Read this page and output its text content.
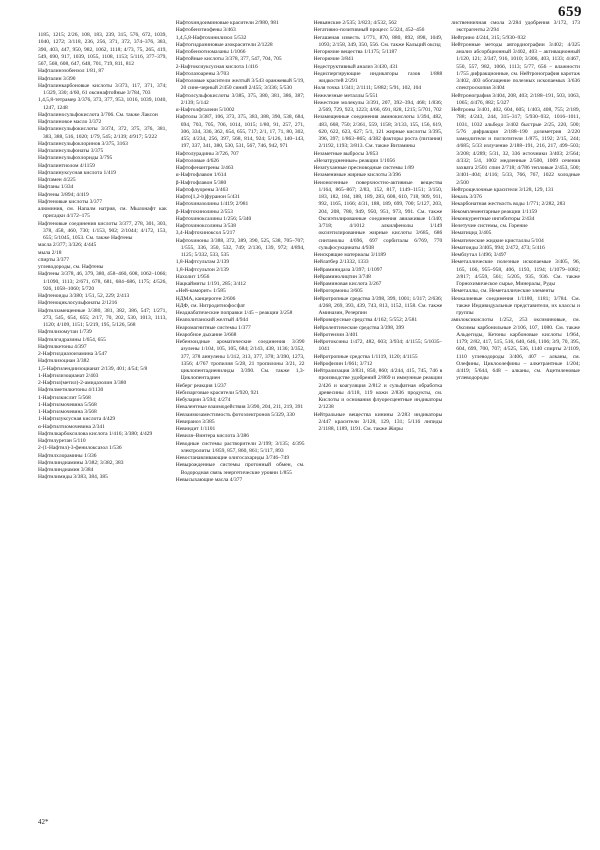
659

1185, 1215; 2/26, 108, 183, 239, 315, 576, 672, 1039, 1040, 1272; 3/118, 236, 256, 371, 372, 374–376, 383, 390, 403, 447, 950, 982, 1062, 1118; 4/73, 75, 265, 419, 549, 690, 917, 1039, 1055, 1108, 1153; 5/116, 377–379, 567, 568, 608, 647, 648, 701, 719, 811, 812

Нафталинэзобензол 1/81, 87

Нафталин 3/390

Нафталинкарбоновые кислоты 3/373, 117, 371, 374; 1/329, 330; 4/60, 61 оксинафтойные 3/784, 703

1,4,5,8-тетрамер 3/376, 373, 377, 953, 1016, 1039, 1040, 1247, 1248

Нафталиносульфокислота 3/706. См. также Лаксон

Нафталиновое масло 3/372

Нафталинсульфокислоты 3/374, 372, 375, 376, 381, 383, 388, 516, 1020; 1/79, 545; 2/139; 4/917; 5/222

Нафталинсульфоклоринов 3/375, 3163

Нафталинсульфонаты 3/375

Нафталинсульфохлориды 3/795

Нафталинтиолом 4/1159

Нафталинуксусная кислота 1/419

Нафтамен 4/225

Нафтаны 1/334

Нафтены 3/894; 4/419

Нафтеновые кислоты 3/377

алюминия, см. Напалм натрия, см. Мылонафт как присадки 4/172–175

Нафтеновые соединения кислоты 3/377, 278, 301, 303, 378, 458, 460, 730; 1/153, 902; 2/1044; 4/172, 153, 655; 5/1045, 1053. См. также Нафтены

масла 2/377; 3/326; 4/445

мыла 2/18

спирты 3/377

углеводороды, см. Нафтены

Нафтены 3/378, 46, 379, 380, 458–460, 608, 1062–1066; 1/1090, 1113; 2/671, 678, 681, 684–686, 1175; 4/526, 926, 1058–1060; 5/720

Нафтеноиды 3/380; 1/51, 52, 229; 2/413

Нафтеноциклосульфонаты 2/1216

Нафтилзамещенные 3/380, 381, 382, 386, 547; 1/271, 273, 545, 654, 655; 2/17, 70, 202, 530, 1013, 1113, 1120; 4/109, 1151; 5/219, 195, 5/126, 568

Нафтилизомутан 1/739

Нафтилгидразины 1/654, 655

Нафтилкетоны 4/397

2-Нафтилдиазоизамина 3/547

Нафтилизоциан 3/382

1,5-Нафтилендиизоцианат 2/139, 401; 4/54; 5/8

1-Нафтилизоцианат 2/403

2-Нафтил(метил)-2-амидазолин 3/380

Нафтилметилкетоны 4/1130

1-Нафтилкислит 5/568

1-Нафтилмочевина 5/568

1-Нафтилмочевина 3/568

1-Нафтилуксусная кислота 4/429

α-Нафтилтиомочевина 2/341

Нафтилкарбоксилова кислота 1/416; 3/380; 4/429

Нафтилуретан 5/110

2-(1-Нафтил)-3-фенилоксазол 1/536

Нафтилхлорамины 1/336

Нафтилиндиамины 3/382; 3/382, 383

Нафтилиндиамин 3/384

Нафтилимиды 3/383, 384, 385

Нафтохиндоиминовые красители 2/980, 981

Нафтобензтиофены 3/463

1,4,5,8-Нафтохинилизол 5/532

Нафтогидразиновые азокрасители 2/1228

Нафтобензотиомазаны 1/1066

Нафтойные кислоты 3/378, 377, 547, 704, 705

2-Нафтоксиуксусная кислота 1/416

Нафтолазоарены 3/703

Нафтоловые красители желтый 3/543 оранжевый 5/19, 20 сине-черный 2/450 синий 2/455; 3/336; 5/530

Нафтолсульфокислоты 3/385, 375, 380, 381, 386, 387; 2/139; 5/142

α-Нафтолфталеин 5/1002

Нафтолы 3/387, 106, 373, 375, 383, 388, 390, 538, 684, 694, 703, 705, 706, 1014, 1015; 1/80, 91, 257, 271, 306, 334, 336, 362, 654, 655, 717; 2/1, 17, 71, 80, 302, 455; 4/234, 256, 397, 568, 814, 924; 5/126, 140–143, 197, 337, 341, 380, 530, 531, 567, 746, 942, 971

Нафтолурадины 3/726, 707

Нафтоловые 4/626

Нафтофенантрены 3/463

α-Нафтофлавон 1/614

β-Нафтофлавон 5/380

Нафтофлуорены 3/463

Нафто[1,2-b]фуранон 5/431

Нафтохиназолины 1/419; 2/981

β-Нафтохинолины 2/553

Нафтохиноксалины 1/256; 5/340

Нафтохиноксолины 3/538

3,4-Нафтохиноксол 5/217

Нафтохиноны 3/388, 372, 389, 390, 525, 538, 705–707; 1/555, 336, 350, 532, 749; 2/136, 139, 972; 4/894, 1125; 5/332, 533, 535

1,8-Нафтсультам 2/139

1,8-Нафтсультон 2/139

Нахолит 1/956

Нацкаймиты 1/191, 285; 3/412

«Ней-каморит» 1/585

НДМА, канцероген 2/606

НДФ, см. Нитродитиофосфат

Неадиабатические поправки 1/45 – реакции 3/258

Неаполитанский желтый 4/944

Неаромагнитные системы 1/377

Неаробное дыхание 3/668

Небензоидные ароматические соединения 3/390 азулены 1/104, 105, 105, 684; 2/143, 438, 1136; 3/352, 377, 378 аннулены 1/312, 313, 377, 378; 3/390, 1273, 1356; 4/767 тропилия 5/28, 21 тропилоны 3/21, 22 циклопентадиенилиды 3/390. См. также 1,3-Циклопентадиен

Неберг реакция 1/237

Небизарговые красители 5/920, 921

Небуларин 3/594; 4/274

Невалентные взаимодействия 3/390, 204, 211, 219, 391

Невзаимозаместимость фотоэлектронов 5/329, 330

Невираиоз 3/385

Невиндит 1/1101

Невиля–Винтера кислота 3/386

Неводные системы растворители 2/199; 3/135; 4/395 электролиты 1/859, 857, 860, 861; 5/117, 893

Невостанавливающие олигосахариды 3/746–749

Невырожденные системы протонный обмен, см. Водородная связь энергетические уровни 1/855

Невысыхающие масла 4/377

Невьянские 2/535; 3/823; 4/532, 562

Негативно-позитивный процесс 5/324, 452–456

Негашеная известь 1/771, 870, 880, 892, 898, 1049, 1093; 2/158, 349, 350, 556. См. также Кальций оксид

Негорючие вещества 1/1175; 5/1187

Негорючие 3/841

Недеструктивный анализ 3/430, 431

Недиспергирующие индикаторы газов 1/888 жидкостей 2/291

Ноля точка 1/341; 2/1111; 5/882; 5/91, 102, 104

Нежелезные металлы 5/551

Нежесткие молекулы 3/391, 207, 392–394, 468; 1/836; 2/569, 729, 923, 1223; 4/66, 691, 828, 1215; 5/701, 702

Незамещенные соединения аминокислоты 1/394, 482, 483, 668, 750; 2/361, 559, 1158; 3/133, 155, 156, 619, 620, 622, 623, 627; 5/1, 121 жирные кислоты 3/395, 396, 397; 1/863–865; 4/382 факторы роста (питания) 2/1192, 1193; 3/813. См. также Витамины

Незаметные выбросы 3/853

«Незатрудненные» реакции 1/1056

Незатуханные пресноводные системы 1/89

Незаменимые жирные кислоты 3/396

Неионогенные поверхностно-активные вещества 1/164, 865–867; 2/83, 152, 817, 1149–1151; 3/150, 183, 182, 184, 188, 189, 283, 608, 610, 718, 909, 911, 992, 1165, 1166; 4/31, 188, 189, 699, 700; 5/127, 203, 204, 208, 780, 949, 950, 951, 973, 991. См. также Оксиэтилированные соединения авиаживые 1/340; 3/718; 4/1012 алкилфенолы 1/149 оксиэтилированные жирные кислоты 3/685, 686 синтанолы 4/696, 697 сорбиталы 6/769, 770 сульфосукцинаты 4/938

Неискрящие материалы 3/1189

Нейлатбер 2/1332, 1333

Нейраминидаза 3/397; 1/1097

Нейраминолицтин 3/748

Нейраминовая кислота 3/267

Нейрогормоны 3/605

Нейротропные средства 3/398, 399, 1001; 1/317; 2/636; 4/268, 269, 393, 439, 743, 813, 1152, 1158. См. также Аминазин, Резерпин

Нейровирусные средства 4/162; 5/552; 2/581

Нейролептические средства 3/398, 399

Нейротензин 3/401

Нейротоксины 1/472, 482, 603; 3/934; 4/1155; 5/1035–1041

Нейротропные средства 1/1119, 1120; 4/1155

Нейрофизин 1/661; 3/712

Нейтрализация 3/831, 850, 860; 4/244, 415, 745, 746 в производстве удобрений 2/869 и иммунные реакции 2/426 и коагуляция 2/812 и сульфатная обработка древесины 4/118, 119 кожи 2/836 продукты, см. Кислоты и основания флуоресцентные индикаторы 2/1238

Нейтральные вещества кинины 2/283 индикаторы 2/447 красители 3/128, 129, 131; 5/116 липиды 2/1188, 1189, 1191. См. также Жиры

лиственничная смола 2/284 удобрения 3/172, 173 экстрагенты 2/294

Нейтрино 4/244, 315; 5/930–932

Нейтронные методы автордиографии 3/402; 4/325 анализ абсорбционный 3/402, 403 – активационный 1/120, 121; 2/347, 916, 1010; 3/306, 403, 1133; 4/467, 550, 557, 982, 1066, 1113; 5/77, 656 – влажности 1/755 дифракционные, см. Нейтронография каротаж 3/402, 403 обогащение полезных ископаемых 3/636 спектроскопия 3/404

Нейтронография 3/404, 208, 403; 2/188–191, 503, 1063, 1065; 4/476, 882; 5/327

Нейтроны 3/401, 402, 604, 605; 1/403, 408, 755; 2/189, 788; 4/243, 244, 315–317; 5/930–932, 1016–1011, 1031, 1032 альбедо 3/402 быстрые 2/25, 220, 500; 5/76 дифракция 2/188–190 дозиметрия 2/220 замедлители и поглотители 1/875, 1192; 2/15, 244; 4/685; 5/33 излучение 2/188–191, 216, 217, 499–503; 3/208; 4/289; 5/31, 32, 336 источники 3/403; 2/564; 4/332; 5/4, 1002 медленные 2/500, 1009 сечения захвата 2/501 спин 2/718; 4/786 тепловые 2/453, 500; 3/401–404; 4/116; 5/33, 766, 767, 1022 холодные 2/500

Нейтрощелочные красители 3/128, 129, 131

Некаль 3/376

Некарбонатная жесткость воды 1/771; 2/282, 283

Некомплементарные реакции 1/1159

Неконкурентные ингибиторы 2/434

Нелетучие системы, см. Горение

Нематицид 3/405

Нематические жидкие кристаллы 5/104

Нематоиды 3/405, 994; 2/472, 473; 5/416

Немблутал 1/496; 3/497

Неметаллические полезные ископаемые 3/405, 96, 165, 166, 955–958, 406, 1193, 1194; 1/1079–1082; 2/817; 4/559, 561; 5/205, 935, 936. См. также Горнохимическое сырье, Минералы, Руды

Неметаллы, см. Неметаллические элементы

Неокалиевые соединения 1/1180, 1181; 3/784. См. также Индивидуальные представители, их классы и группы

амилоксикислоты 1/252, 253 оксиминовые, см. Оксимы карбонильные 2/106, 107, 1080. См. также Альдегиды, Кетоны карбоновые кислоты 1/964, 1179; 2/82, 417, 515, 516, 640, 646, 1106; 3/9, 70, 395, 604, 699, 700, 707; 4/525, 536, 1140 спирты 2/1109, 1110 углеводороды 3/406, 407 – алканы, см. Олефины, Циклоолефины – алкетрантные 1/204; 4/419; 5/644, 648 – алканы, см. Ацетиленовые углеводороды

42*
